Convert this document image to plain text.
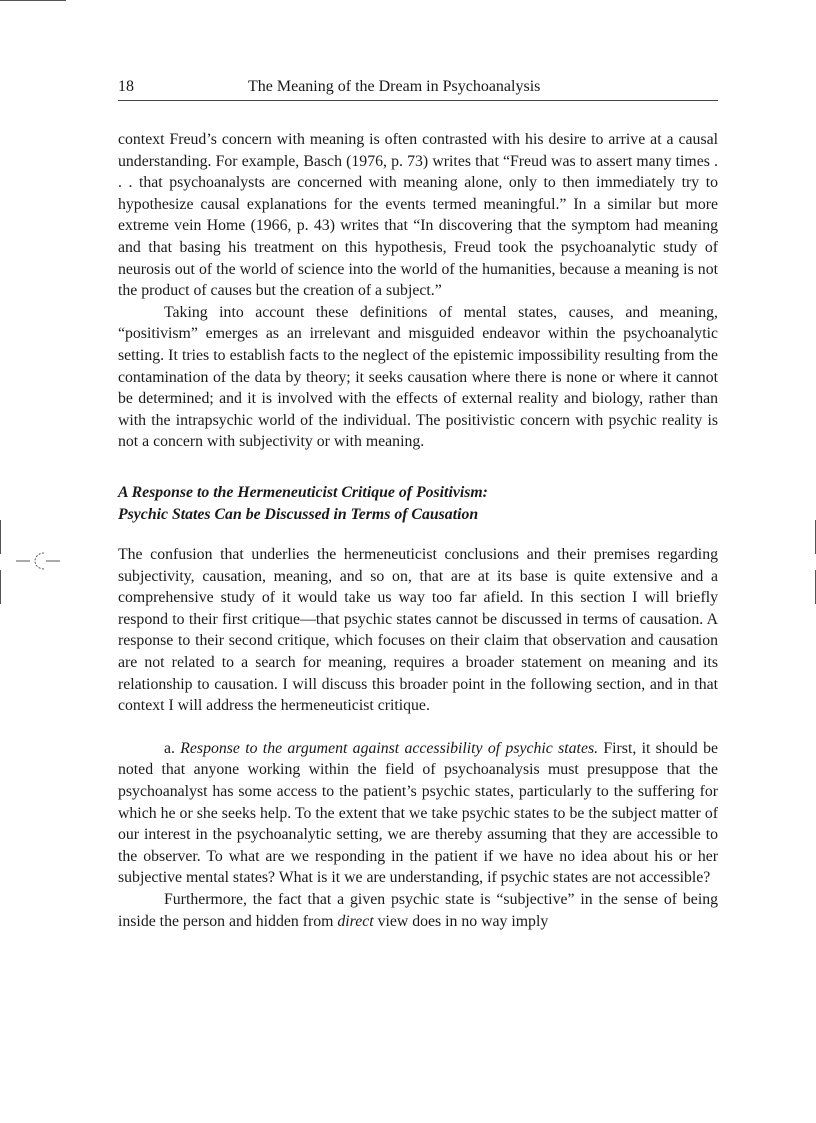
18	The Meaning of the Dream in Psychoanalysis

context Freud’s concern with meaning is often contrasted with his desire to arrive at a causal understanding. For example, Basch (1976, p. 73) writes that “Freud was to assert many times . . . that psychoanalysts are concerned with meaning alone, only to then immediately try to hypothesize causal explanations for the events termed meaningful.” In a similar but more extreme vein Home (1966, p. 43) writes that “In discovering that the symptom had meaning and that basing his treatment on this hypothesis, Freud took the psychoanalytic study of neurosis out of the world of science into the world of the humanities, because a meaning is not the product of causes but the creation of a subject.”

Taking into account these definitions of mental states, causes, and meaning, “positivism” emerges as an irrelevant and misguided endeavor within the psychoanalytic setting. It tries to establish facts to the neglect of the epistemic impossibility resulting from the contamination of the data by theory; it seeks causation where there is none or where it cannot be determined; and it is involved with the effects of external reality and biology, rather than with the intrapsychic world of the individual. The positivistic concern with psychic reality is not a concern with subjectivity or with meaning.

A Response to the Hermeneuticist Critique of Positivism:
Psychic States Can be Discussed in Terms of Causation

The confusion that underlies the hermeneuticist conclusions and their premises regarding subjectivity, causation, meaning, and so on, that are at its base is quite extensive and a comprehensive study of it would take us way too far afield. In this section I will briefly respond to their first critique—that psychic states cannot be discussed in terms of causation. A response to their second critique, which focuses on their claim that observation and causation are not related to a search for meaning, requires a broader statement on meaning and its relationship to causation. I will discuss this broader point in the following section, and in that context I will address the hermeneuticist critique.

a. Response to the argument against accessibility of psychic states. First, it should be noted that anyone working within the field of psychoanalysis must presuppose that the psychoanalyst has some access to the patient’s psychic states, particularly to the suffering for which he or she seeks help. To the extent that we take psychic states to be the subject matter of our interest in the psychoanalytic setting, we are thereby assuming that they are accessible to the observer. To what are we responding in the patient if we have no idea about his or her subjective mental states? What is it we are understanding, if psychic states are not accessible?

Furthermore, the fact that a given psychic state is “subjective” in the sense of being inside the person and hidden from direct view does in no way imply
